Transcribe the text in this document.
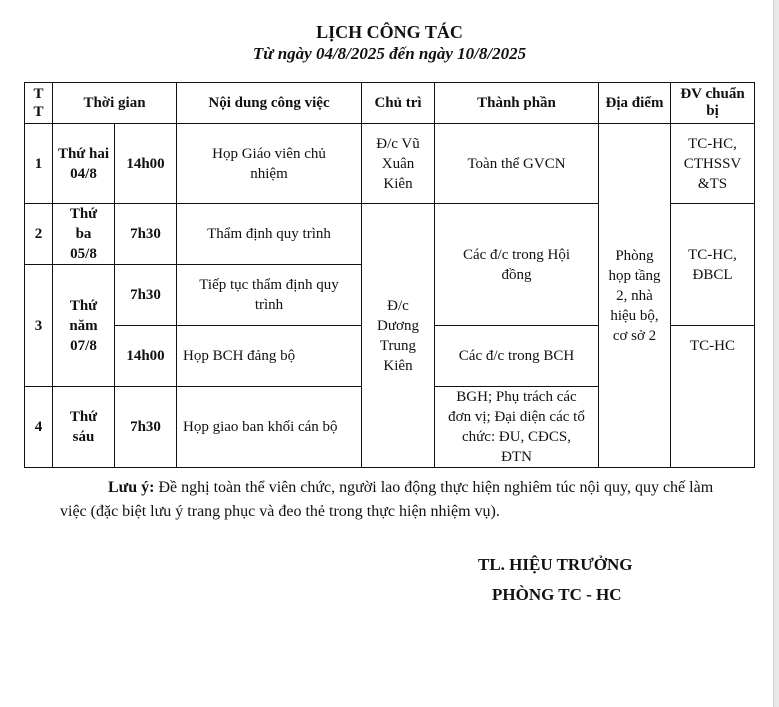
LỊCH CÔNG TÁC
Từ ngày 04/8/2025 đến ngày 10/8/2025
T T	Thời gian		Nội dung công việc	Chủ trì	Thành phần	Địa điểm	ĐV chuẩn bị
1	Thứ hai 04/8	14h00	Họp Giáo viên chủ nhiệm	Đ/c Vũ Xuân Kiên	Toàn thể GVCN	Phòng họp tầng 2, nhà hiệu bộ, cơ sở 2	TC-HC, CTHSSV &TS
2	Thứ ba 05/8	7h30	Thẩm định quy trình	Đ/c Dương Trung Kiên	Các đ/c trong Hội đồng		TC-HC, ĐBCL
3	Thứ năm 07/8	7h30	Tiếp tục thẩm định quy trình				
		14h00	Họp BCH đảng bộ		Các đ/c trong BCH		TC-HC
4	Thứ sáu	7h30	Họp giao ban khối cán bộ		BGH; Phụ trách các đơn vị; Đại diện các tổ chức: ĐU, CĐCS, ĐTN		
Lưu ý: Đề nghị toàn thể viên chức, người lao động thực hiện nghiêm túc nội quy, quy chế làm việc (đặc biệt lưu ý trang phục và đeo thẻ trong thực hiện nhiệm vụ).
TL. HIỆU TRƯỞNG
PHÒNG TC - HC
